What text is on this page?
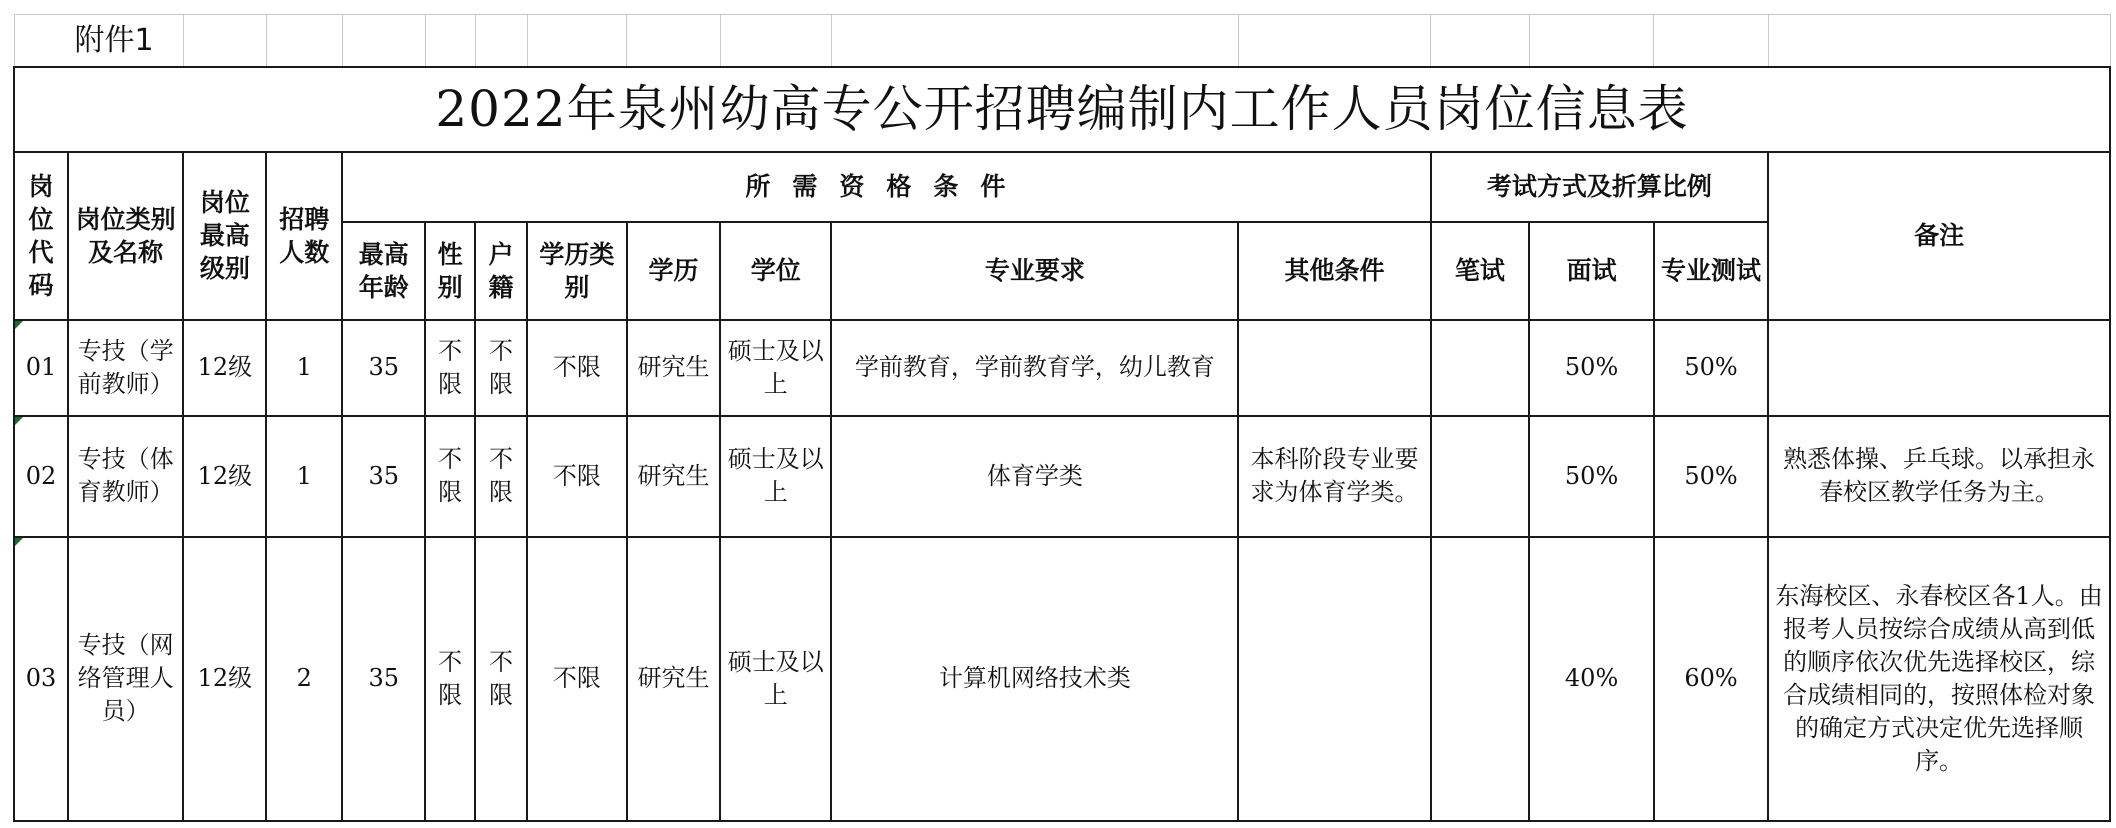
附件1															
2022年泉州幼高专公开招聘编制内工作人员岗位信息表															
岗位代码	岗位类别及名称	岗位最高级别	招聘人数	所需资格条件								考试方式及折算比例			备注
				最高年龄	性别	户籍	学历类别	学历	学位	专业要求	其他条件	笔试	面试	专业测试	
01	专技（学前教师）	12级	1	35	不限	不限	不限	研究生	硕士及以上	学前教育，学前教育学，幼儿教育			50%	50%	
02	专技（体育教师）	12级	1	35	不限	不限	不限	研究生	硕士及以上	体育学类	本科阶段专业要求为体育学类。		50%	50%	熟悉体操、乒乓球。以承担永春校区教学任务为主。
03	专技（网络管理人员）	12级	2	35	不限	不限	不限	研究生	硕士及以上	计算机网络技术类			40%	60%	东海校区、永春校区各1人。由报考人员按综合成绩从高到低的顺序依次优先选择校区，综合成绩相同的，按照体检对象的确定方式决定优先选择顺序。
